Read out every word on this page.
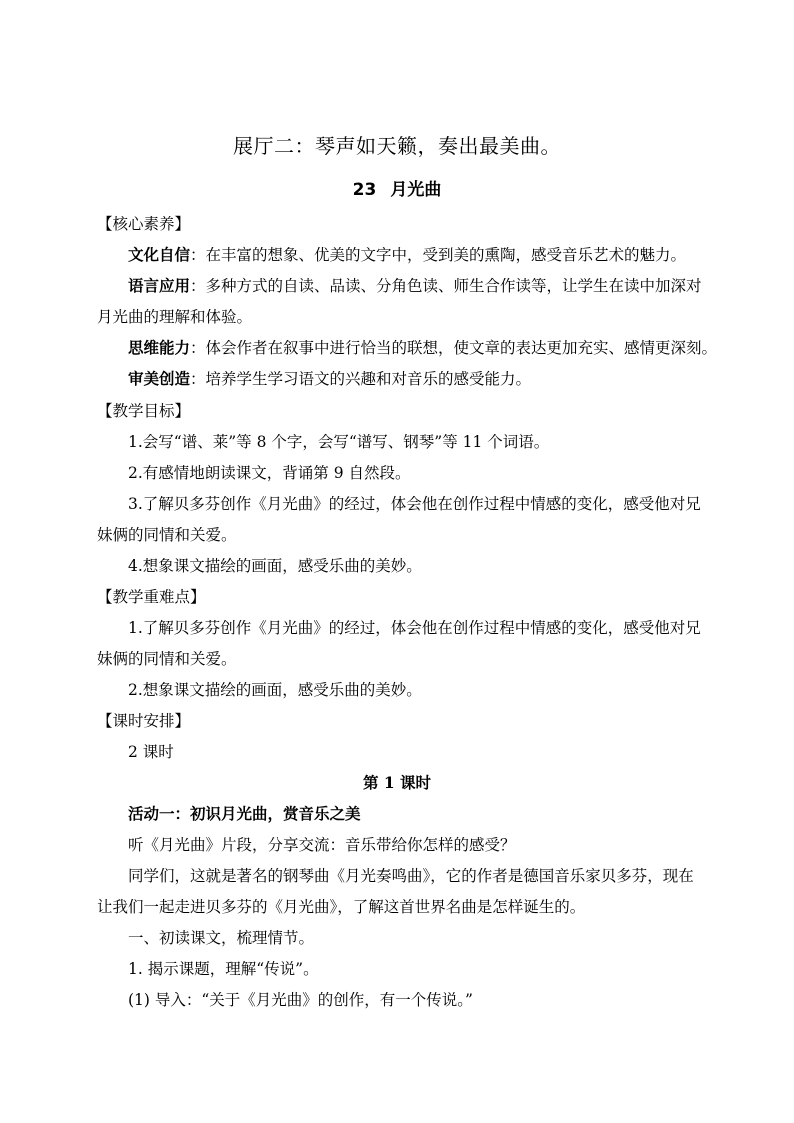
展厅二：琴声如天籁，奏出最美曲。
23 月光曲
【核心素养】
文化自信：在丰富的想象、优美的文字中，受到美的熏陶，感受音乐艺术的魅力。
语言应用：多种方式的自读、品读、分角色读、师生合作读等，让学生在读中加深对
月光曲的理解和体验。
思维能力：体会作者在叙事中进行恰当的联想，使文章的表达更加充实、感情更深刻。
审美创造：培养学生学习语文的兴趣和对音乐的感受能力。
【教学目标】
1.会写“谱、莱”等 8 个字，会写“谱写、钢琴”等 11 个词语。
2.有感情地朗读课文，背诵第 9 自然段。
3.了解贝多芬创作《月光曲》的经过，体会他在创作过程中情感的变化，感受他对兄
妹俩的同情和关爱。
4.想象课文描绘的画面，感受乐曲的美妙。
【教学重难点】
1.了解贝多芬创作《月光曲》的经过，体会他在创作过程中情感的变化，感受他对兄
妹俩的同情和关爱。
2.想象课文描绘的画面，感受乐曲的美妙。
【课时安排】
2 课时
第 1 课时
活动一：初识月光曲，赏音乐之美
听《月光曲》片段，分享交流：音乐带给你怎样的感受？
同学们，这就是著名的钢琴曲《月光奏鸣曲》，它的作者是德国音乐家贝多芬，现在
让我们一起走进贝多芬的《月光曲》，了解这首世界名曲是怎样诞生的。
一、初读课文，梳理情节。
1. 揭示课题，理解“传说”。
(1) 导入：“关于《月光曲》的创作，有一个传说。”
